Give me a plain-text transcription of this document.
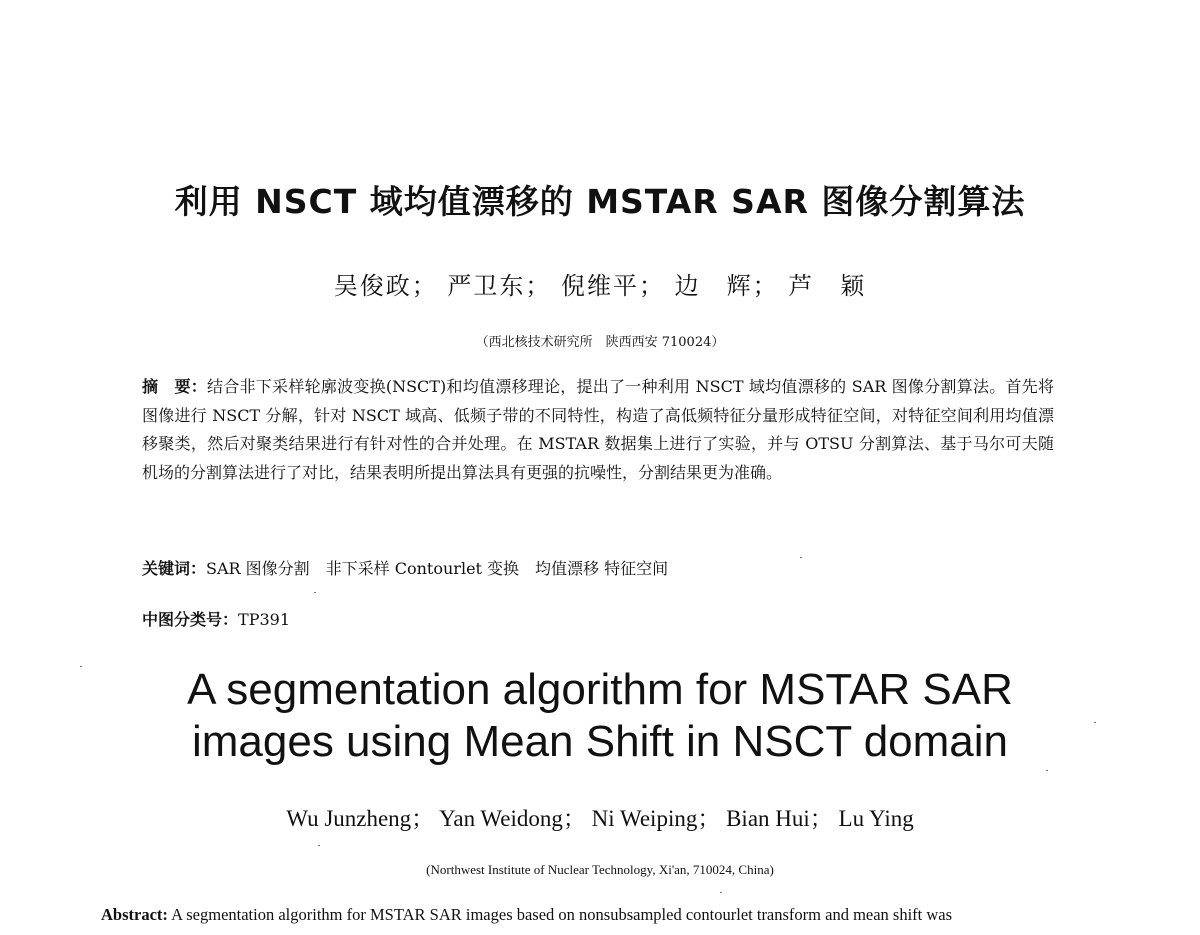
利用 NSCT 域均值漂移的 MSTAR SAR 图像分割算法
吴俊政； 严卫东； 倪维平； 边　辉； 芦　颖
（西北核技术研究所　陕西西安 710024）
摘　要：结合非下采样轮廓波变换(NSCT)和均值漂移理论，提出了一种利用 NSCT 域均值漂移的 SAR 图像分割算法。首先将图像进行 NSCT 分解，针对 NSCT 域高、低频子带的不同特性，构造了高低频特征分量形成特征空间，对特征空间利用均值漂移聚类，然后对聚类结果进行有针对性的合并处理。在 MSTAR 数据集上进行了实验，并与 OTSU 分割算法、基于马尔可夫随机场的分割算法进行了对比，结果表明所提出算法具有更强的抗噪性，分割结果更为准确。
关键词：SAR 图像分割　非下采样 Contourlet 变换　均值漂移 特征空间
中图分类号：TP391
A segmentation algorithm for MSTAR SAR
images using Mean Shift in NSCT domain
Wu Junzheng； Yan Weidong； Ni Weiping； Bian Hui； Lu Ying
(Northwest Institute of Nuclear Technology, Xi'an, 710024, China)
Abstract: A segmentation algorithm for MSTAR SAR images based on nonsubsampled contourlet transform and mean shift was
